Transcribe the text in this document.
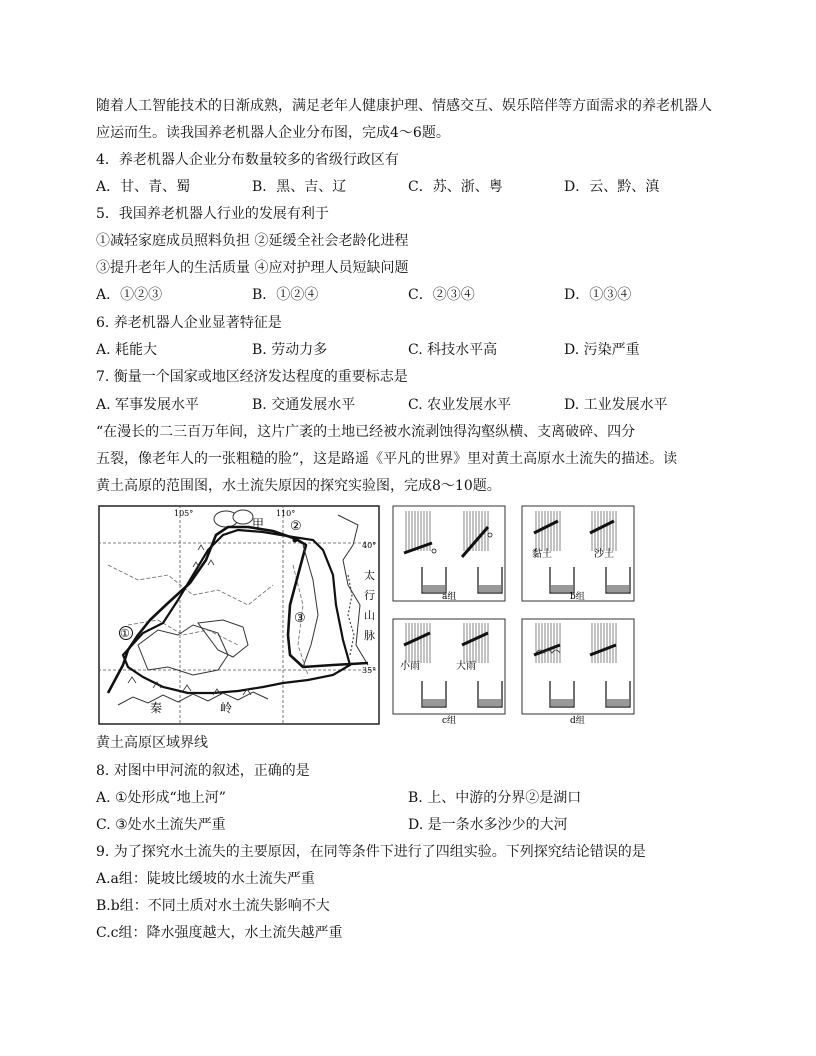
随着人工智能技术的日渐成熟，满足老年人健康护理、情感交互、娱乐陪伴等方面需求的养老机器人
应运而生。读我国养老机器人企业分布图，完成4～6题。
4．养老机器人企业分布数量较多的省级行政区有
A．甘、青、蜀	B．黑、吉、辽	C．苏、浙、粤	D．云、黔、滇
5．我国养老机器人行业的发展有利于
①减轻家庭成员照料负担 ②延缓全社会老龄化进程
③提升老年人的生活质量 ④应对护理人员短缺问题
A．①②③	B．①②④	C．②③④	D．①③④
6. 养老机器人企业显著特征是
A. 耗能大	B. 劳动力多	C. 科技水平高	D. 污染严重
7. 衡量一个国家或地区经济发达程度的重要标志是
A. 军事发展水平	B. 交通发展水平	C. 农业发展水平	D. 工业发展水平
“在漫长的二三百万年间，这片广袤的土地已经被水流剥蚀得沟壑纵横、支离破碎、四分
五裂，像老年人的一张粗糙的脸”，这是路遥《平凡的世界》里对黄土高原水土流失的描述。读
黄土高原的范围图，水土流失原因的探究实验图，完成8～10题。
105°	110°
40°
35°
甲
①
②
③
太
行
山
脉
秦	岭
黄土高原区域界线
a组
黏土	沙土
b组
小雨	大雨
c组	d组
8. 对图中甲河流的叙述，正确的是
A. ①处形成“地上河”	B. 上、中游的分界②是湖口
C. ③处水土流失严重	D. 是一条水多沙少的大河
9. 为了探究水土流失的主要原因，在同等条件下进行了四组实验。下列探究结论错误的是
A.a组：陡坡比缓坡的水土流失严重
B.b组：不同土质对水土流失影响不大
C.c组：降水强度越大，水土流失越严重
